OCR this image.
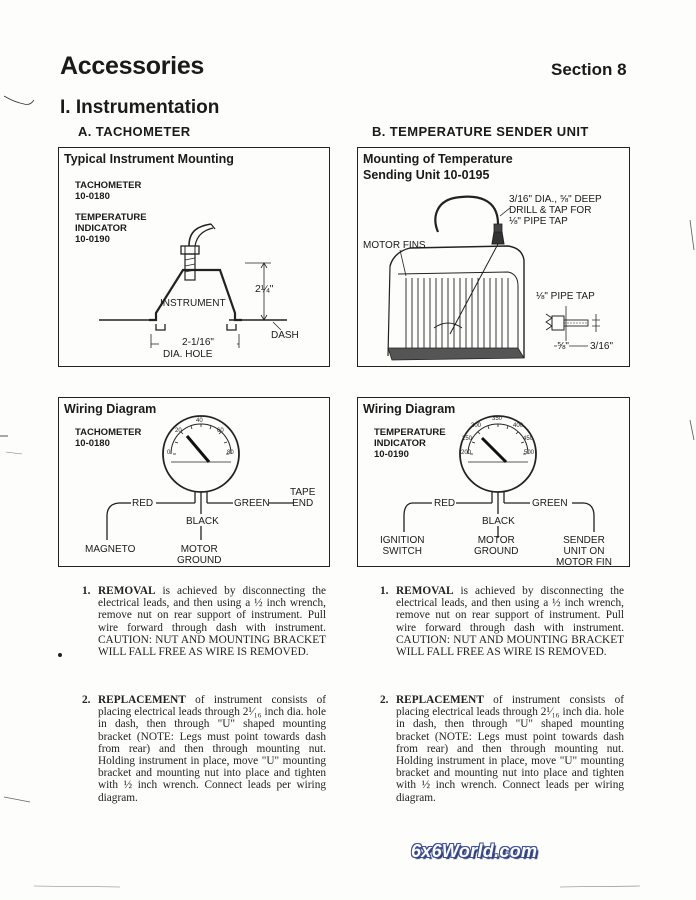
Accessories	Section 8
I. Instrumentation
A. TACHOMETER	B. TEMPERATURE SENDER UNIT
Typical Instrument Mounting
TACHOMETER
10-0180
TEMPERATURE
INDICATOR
10-0190
INSTRUMENT
2¼"
DASH
2-1/16"
DIA. HOLE
Mounting of Temperature
Sending Unit 10-0195
3/16" DIA., ⅝" DEEP
DRILL & TAP FOR
⅛" PIPE TAP
MOTOR FINS
⅛" PIPE TAP
⅝" 3/16"
Wiring Diagram
0
20
40
60
80
TACHOMETER
10-0180
RED	GREEN
TAPE
END
BLACK
MAGNETO	MOTOR
GROUND
Wiring Diagram
200
250
300
350
400
450
500
TEMPERATURE
INDICATOR
10-0190
RED	GREEN
BLACK
IGNITION
SWITCH
MOTOR
GROUND
SENDER
UNIT ON
MOTOR FIN
1. REMOVAL is achieved by disconnecting the electrical leads, and then using a ½ inch wrench, remove nut on rear support of instrument. Pull wire forward through dash with instrument. CAUTION: NUT AND MOUNTING BRACKET WILL FALL FREE AS WIRE IS REMOVED.
2. REPLACEMENT of instrument consists of placing electrical leads through 2¹⁄₁₆ inch dia. hole in dash, then through "U" shaped mounting bracket (NOTE: Legs must point towards dash from rear) and then through mounting nut. Holding instrument in place, move "U" mounting bracket and mounting nut into place and tighten with ½ inch wrench. Connect leads per wiring diagram.
1. REMOVAL is achieved by disconnecting the electrical leads, and then using a ½ inch wrench, remove nut on rear support of instrument. Pull wire forward through dash with instrument. CAUTION: NUT AND MOUNTING BRACKET WILL FALL FREE AS WIRE IS REMOVED.
2. REPLACEMENT of instrument consists of placing electrical leads through 2¹⁄₁₆ inch dia. hole in dash, then through "U" shaped mounting bracket (NOTE: Legs must point towards dash from rear) and then through mounting nut. Holding instrument in place, move "U" mounting bracket and mounting nut into place and tighten with ½ inch wrench. Connect leads per wiring diagram.
6x6World.com
